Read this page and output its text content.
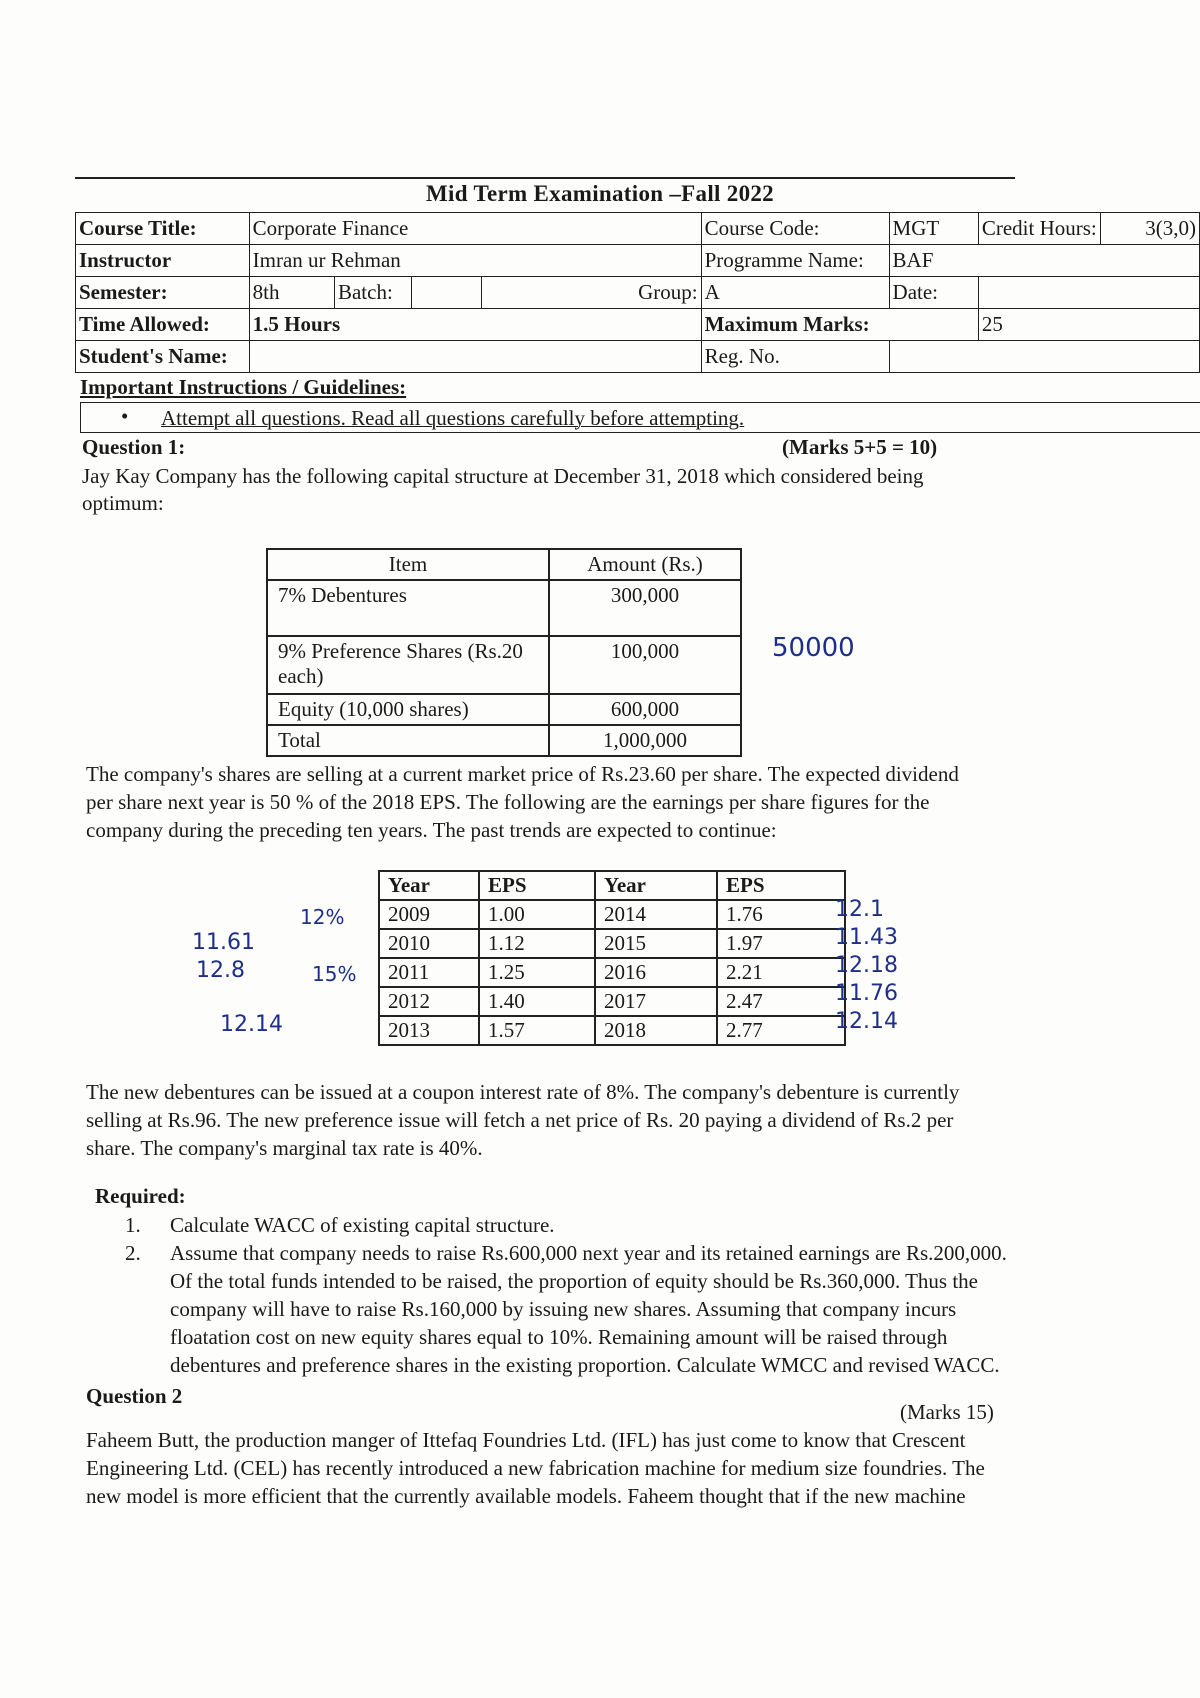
Mid Term Examination –Fall 2022
Course Title:	Corporate Finance				Course Code:	MGT	Credit Hours:	3(3,0)
Instructor	Imran ur Rehman				Programme Name:	BAF		
Semester:	8th	Batch:		Group:	A	Date:		
Time Allowed:	1.5 Hours				Maximum Marks:		25	
Student's Name:					Reg. No.			
Important Instructions / Guidelines:
• Attempt all questions. Read all questions carefully before attempting.
Question 1:	(Marks 5+5 = 10)
Jay Kay Company has the following capital structure at December 31, 2018 which considered being
optimum:
Item	Amount (Rs.)
7% Debentures	300,000
9% Preference Shares (Rs.20 each)	100,000
Equity (10,000 shares)	600,000
Total	1,000,000
50000
The company's shares are selling at a current market price of Rs.23.60 per share. The expected dividend
per share next year is 50 % of the 2018 EPS. The following are the earnings per share figures for the
company during the preceding ten years. The past trends are expected to continue:
Year	EPS	Year	EPS
2009	1.00	2014	1.76
2010	1.12	2015	1.97
2011	1.25	2016	2.21
2012	1.40	2017	2.47
2013	1.57	2018	2.77
12%
11.61
12.8	15%
12.14
12.1
11.43
12.18
11.76
12.14
The new debentures can be issued at a coupon interest rate of 8%. The company's debenture is currently
selling at Rs.96. The new preference issue will fetch a net price of Rs. 20 paying a dividend of Rs.2 per
share. The company's marginal tax rate is 40%.
Required:
1. Calculate WACC of existing capital structure.
2. Assume that company needs to raise Rs.600,000 next year and its retained earnings are Rs.200,000.
Of the total funds intended to be raised, the proportion of equity should be Rs.360,000. Thus the
company will have to raise Rs.160,000 by issuing new shares. Assuming that company incurs
floatation cost on new equity shares equal to 10%. Remaining amount will be raised through
debentures and preference shares in the existing proportion. Calculate WMCC and revised WACC.
Question 2
(Marks 15)
Faheem Butt, the production manger of Ittefaq Foundries Ltd. (IFL) has just come to know that Crescent
Engineering Ltd. (CEL) has recently introduced a new fabrication machine for medium size foundries. The
new model is more efficient that the currently available models. Faheem thought that if the new machine
